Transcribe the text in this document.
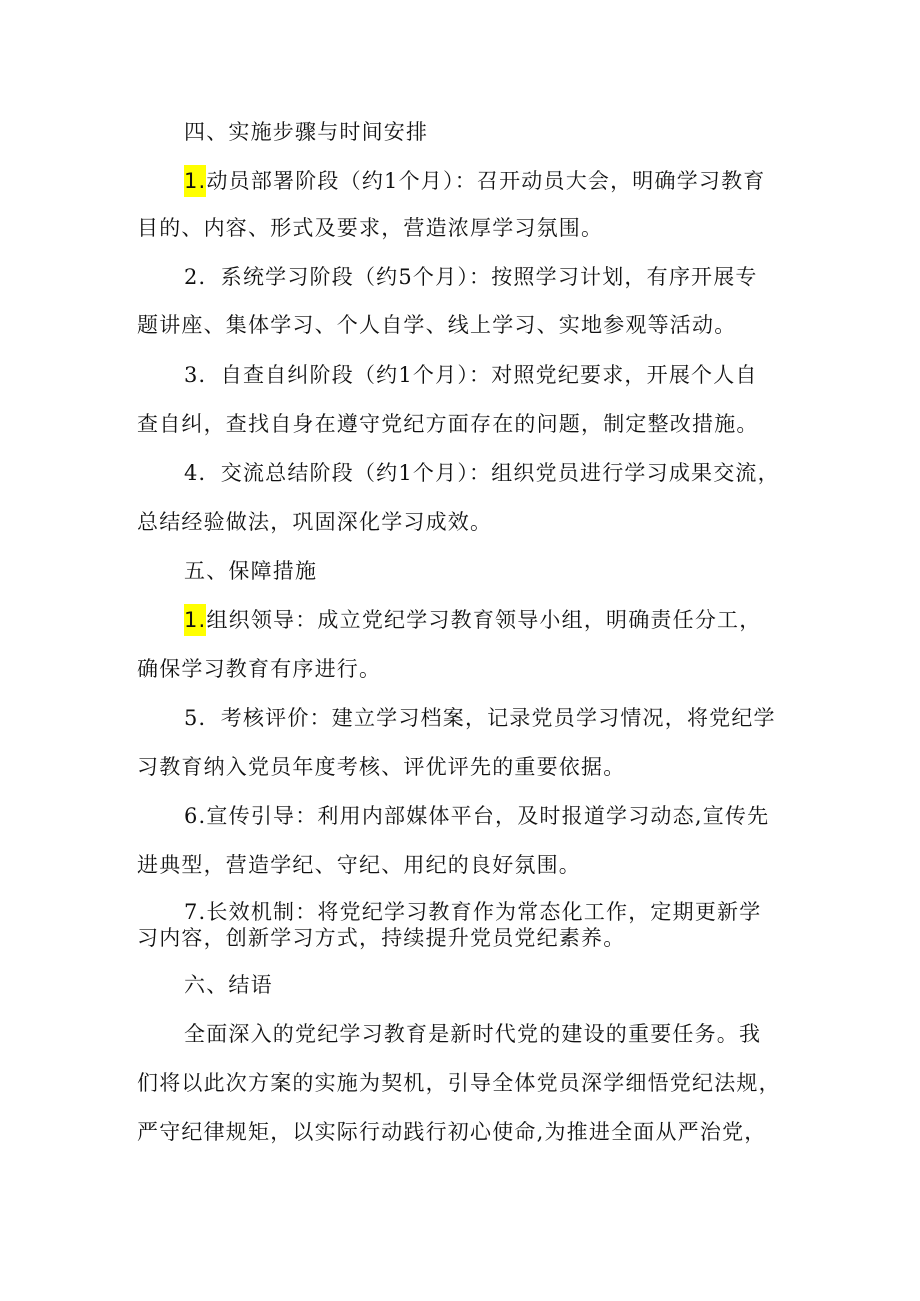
四、实施步骤与时间安排
1.动员部署阶段（约1个月）：召开动员大会，明确学习教育
目的、内容、形式及要求，营造浓厚学习氛围。
2．系统学习阶段（约5个月）：按照学习计划，有序开展专
题讲座、集体学习、个人自学、线上学习、实地参观等活动。
3．自查自纠阶段（约1个月）：对照党纪要求，开展个人自
查自纠，查找自身在遵守党纪方面存在的问题，制定整改措施。
4．交流总结阶段（约1个月）：组织党员进行学习成果交流，
总结经验做法，巩固深化学习成效。
五、保障措施
1.组织领导：成立党纪学习教育领导小组，明确责任分工，
确保学习教育有序进行。
5．考核评价：建立学习档案，记录党员学习情况，将党纪学
习教育纳入党员年度考核、评优评先的重要依据。
6.宣传引导：利用内部媒体平台，及时报道学习动态,宣传先
进典型，营造学纪、守纪、用纪的良好氛围。
7.长效机制：将党纪学习教育作为常态化工作，定期更新学
习内容，创新学习方式，持续提升党员党纪素养。
六、结语
全面深入的党纪学习教育是新时代党的建设的重要任务。我
们将以此次方案的实施为契机，引导全体党员深学细悟党纪法规，
严守纪律规矩，以实际行动践行初心使命,为推进全面从严治党，
